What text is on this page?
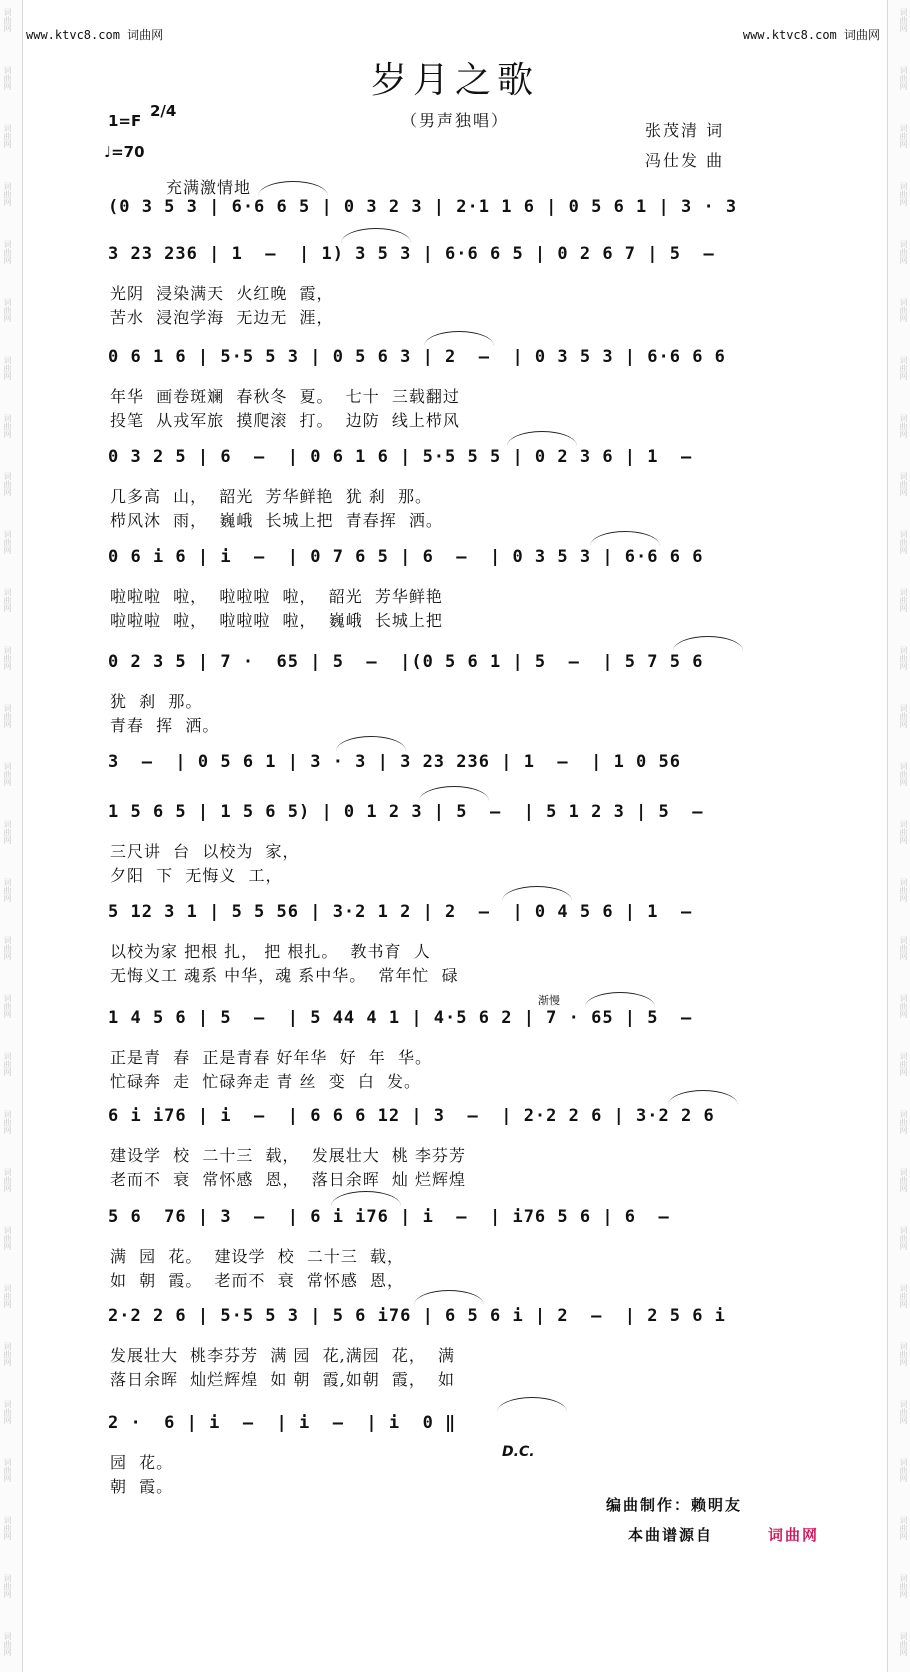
www.ktvc8.com 词曲网	www.ktvc8.com 词曲网
岁月之歌
（男声独唱）
1=F
2/4
♩=70
张茂清 词
冯仕发 曲
充满激情地
(0 3 5 3 | 6·6 6 5 | 0 3 2 3 | 2·1 1 6 | 0 5 6 1 | 3 · 3
3 23 236 | 1  –  | 1) 3 5 3 | 6·6 6 5 | 0 2 6 7 | 5  –
光阴  浸染满天  火红晚  霞，
苦水  浸泡学海  无边无  涯，
0 6 1 6 | 5·5 5 3 | 0 5 6 3 | 2  –  | 0 3 5 3 | 6·6 6 6
年华  画卷斑斓  春秋冬  夏。  七十  三载翻过
投笔  从戎军旅  摸爬滚  打。  边防  线上栉风
0 3 2 5 | 6  –  | 0 6 1 6 | 5·5 5 5 | 0 2 3 6 | 1  –
几多高  山，  韶光  芳华鲜艳  犹 刹  那。
栉风沐  雨，  巍峨  长城上把  青春挥  洒。
0 6 i 6 | i  –  | 0 7 6 5 | 6  –  | 0 3 5 3 | 6·6 6 6
啦啦啦  啦，  啦啦啦  啦，  韶光  芳华鲜艳
啦啦啦  啦，  啦啦啦  啦，  巍峨  长城上把
0 2 3 5 | 7 ·  65 | 5  –  |(0 5 6 1 | 5  –  | 5 7 5 6
犹  刹  那。
青春  挥  洒。
3  –  | 0 5 6 1 | 3 · 3 | 3 23 236 | 1  –  | 1 0 56
1 5 6 5 | 1 5 6 5) | 0 1 2 3 | 5  –  | 5 1 2 3 | 5  –
三尺讲  台  以校为  家，
夕阳  下  无悔义  工，
5 12 3 1 | 5 5 56 | 3·2 1 2 | 2  –  | 0 4 5 6 | 1  –
以校为家 把根 扎， 把 根扎。  教书育  人
无悔义工 魂系 中华，魂 系中华。  常年忙  碌
1 4 5 6 | 5  –  | 5 44 4 1 | 4·5 6 2 | 7 · 65 | 5  –
正是青  春  正是青春 好年华  好  年  华。
忙碌奔  走  忙碌奔走 青 丝  变  白  发。
6 i i76 | i  –  | 6 6 6 12 | 3  –  | 2·2 2 6 | 3·2 2 6
建设学  校  二十三  载，  发展壮大  桃 李芬芳
老而不  衰  常怀感  恩，  落日余晖  灿 烂辉煌
5 6  76 | 3  –  | 6 i i76 | i  –  | i76 5 6 | 6  –
满  园  花。  建设学  校  二十三  载，
如  朝  霞。  老而不  衰  常怀感  恩，
2·2 2 6 | 5·5 5 3 | 5 6 i76 | 6 5 6 i | 2  –  | 2 5 6 i
发展壮大  桃李芬芳  满 园  花,满园  花，  满
落日余晖  灿烂辉煌  如 朝  霞,如朝  霞，  如
2 ·  6 | i  –  | i  –  | i  0 ‖
园  花。
朝  霞。
渐慢
D.C.
编曲制作：赖明友
本曲谱源自	词曲网
词曲网	词曲网
词曲网	词曲网
词曲网	词曲网
词曲网	词曲网
词曲网	词曲网
词曲网	词曲网
词曲网	词曲网
词曲网	词曲网
词曲网	词曲网
词曲网	词曲网
词曲网	词曲网
词曲网	词曲网
词曲网	词曲网
词曲网	词曲网
词曲网	词曲网
词曲网	词曲网
词曲网	词曲网
词曲网	词曲网
词曲网	词曲网
词曲网	词曲网
词曲网	词曲网
词曲网	词曲网
词曲网	词曲网
词曲网	词曲网
词曲网	词曲网
词曲网	词曲网
词曲网	词曲网
词曲网	词曲网
词曲网	词曲网
